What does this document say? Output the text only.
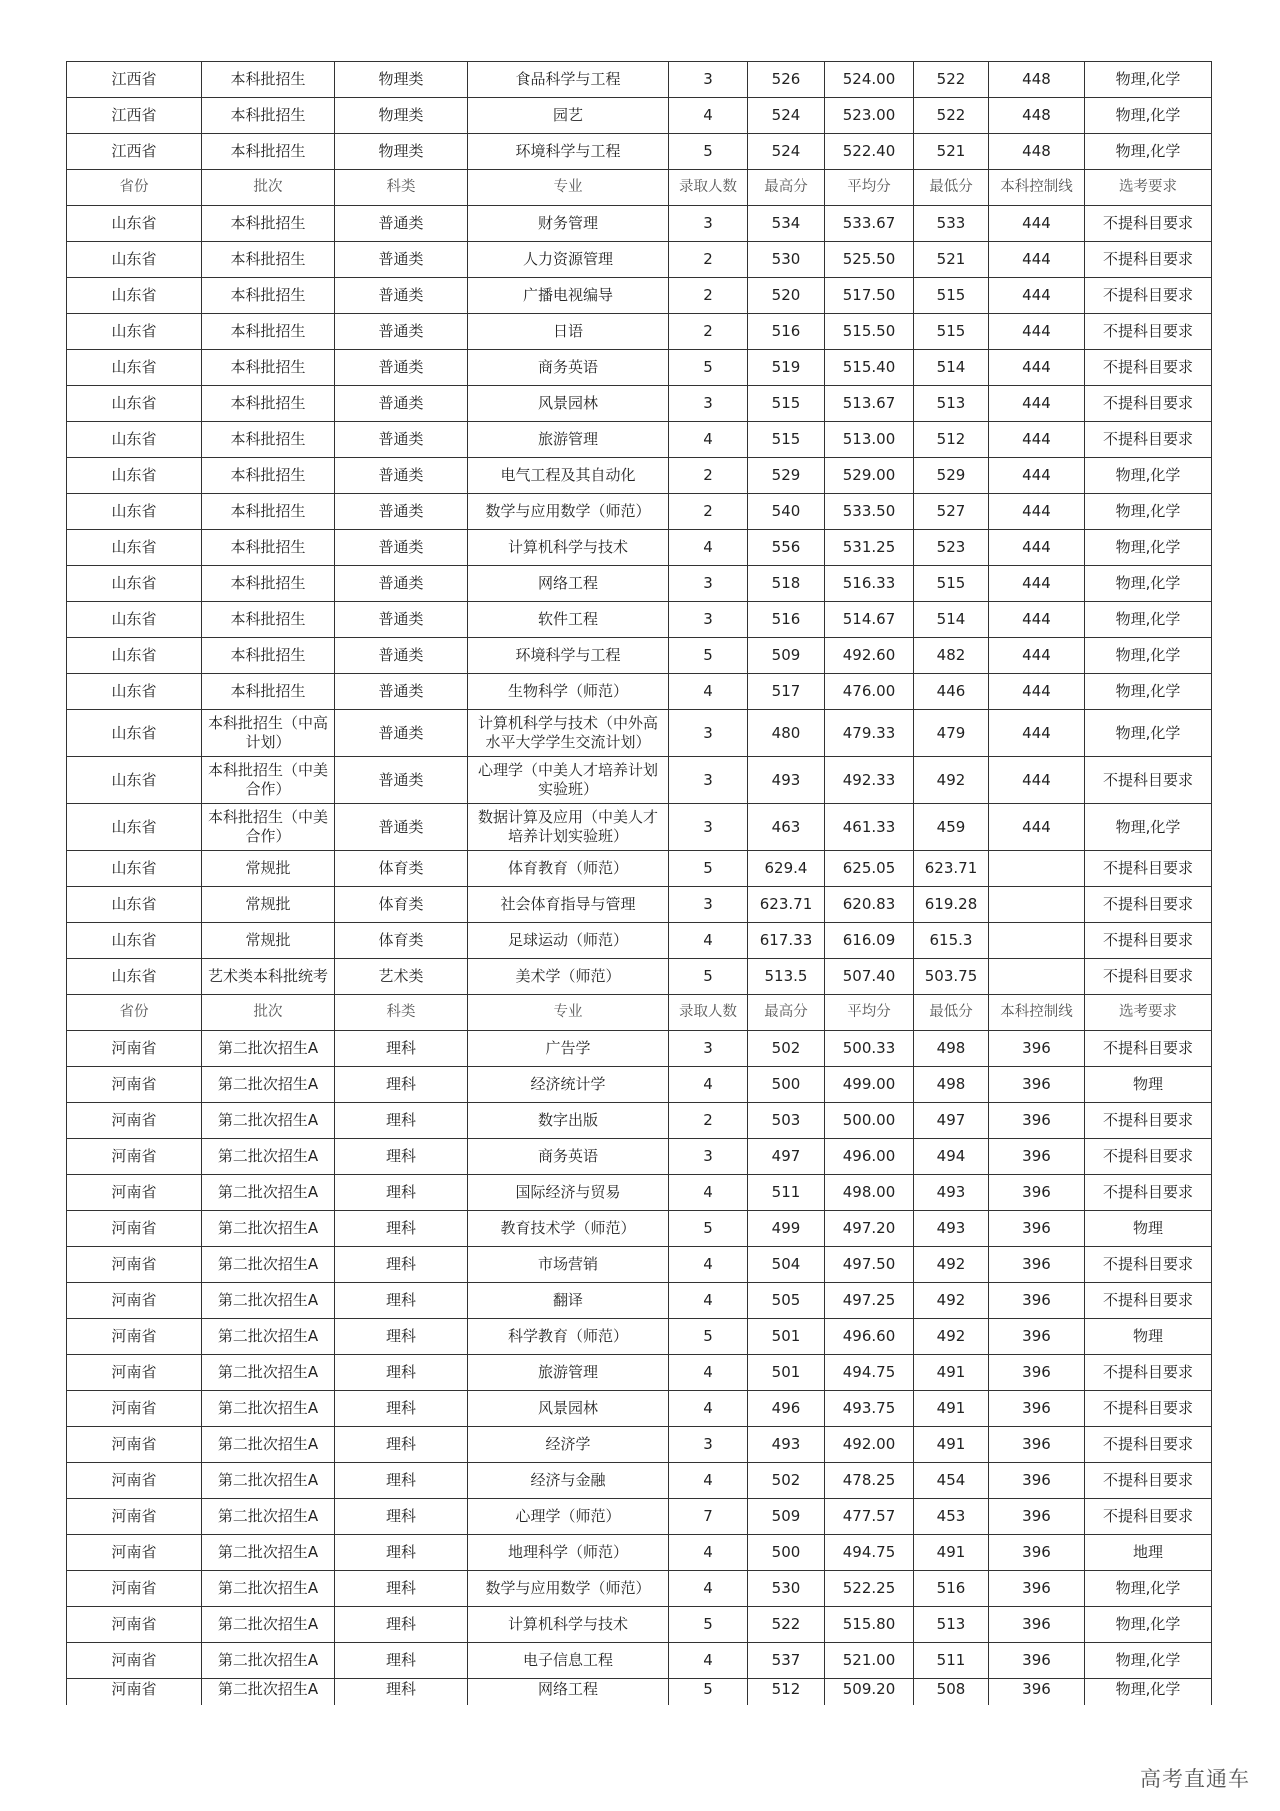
江西省	本科批招生	物理类	食品科学与工程	3	526	524.00	522	448	物理,化学
江西省	本科批招生	物理类	园艺	4	524	523.00	522	448	物理,化学
江西省	本科批招生	物理类	环境科学与工程	5	524	522.40	521	448	物理,化学
省份	批次	科类	专业	录取人数	最高分	平均分	最低分	本科控制线	选考要求
山东省	本科批招生	普通类	财务管理	3	534	533.67	533	444	不提科目要求
山东省	本科批招生	普通类	人力资源管理	2	530	525.50	521	444	不提科目要求
山东省	本科批招生	普通类	广播电视编导	2	520	517.50	515	444	不提科目要求
山东省	本科批招生	普通类	日语	2	516	515.50	515	444	不提科目要求
山东省	本科批招生	普通类	商务英语	5	519	515.40	514	444	不提科目要求
山东省	本科批招生	普通类	风景园林	3	515	513.67	513	444	不提科目要求
山东省	本科批招生	普通类	旅游管理	4	515	513.00	512	444	不提科目要求
山东省	本科批招生	普通类	电气工程及其自动化	2	529	529.00	529	444	物理,化学
山东省	本科批招生	普通类	数学与应用数学（师范）	2	540	533.50	527	444	物理,化学
山东省	本科批招生	普通类	计算机科学与技术	4	556	531.25	523	444	物理,化学
山东省	本科批招生	普通类	网络工程	3	518	516.33	515	444	物理,化学
山东省	本科批招生	普通类	软件工程	3	516	514.67	514	444	物理,化学
山东省	本科批招生	普通类	环境科学与工程	5	509	492.60	482	444	物理,化学
山东省	本科批招生	普通类	生物科学（师范）	4	517	476.00	446	444	物理,化学
山东省	本科批招生（中高计划）	普通类	计算机科学与技术（中外高水平大学学生交流计划）	3	480	479.33	479	444	物理,化学
山东省	本科批招生（中美合作）	普通类	心理学（中美人才培养计划实验班）	3	493	492.33	492	444	不提科目要求
山东省	本科批招生（中美合作）	普通类	数据计算及应用（中美人才培养计划实验班）	3	463	461.33	459	444	物理,化学
山东省	常规批	体育类	体育教育（师范）	5	629.4	625.05	623.71		不提科目要求
山东省	常规批	体育类	社会体育指导与管理	3	623.71	620.83	619.28		不提科目要求
山东省	常规批	体育类	足球运动（师范）	4	617.33	616.09	615.3		不提科目要求
山东省	艺术类本科批统考	艺术类	美术学（师范）	5	513.5	507.40	503.75		不提科目要求
省份	批次	科类	专业	录取人数	最高分	平均分	最低分	本科控制线	选考要求
河南省	第二批次招生A	理科	广告学	3	502	500.33	498	396	不提科目要求
河南省	第二批次招生A	理科	经济统计学	4	500	499.00	498	396	物理
河南省	第二批次招生A	理科	数字出版	2	503	500.00	497	396	不提科目要求
河南省	第二批次招生A	理科	商务英语	3	497	496.00	494	396	不提科目要求
河南省	第二批次招生A	理科	国际经济与贸易	4	511	498.00	493	396	不提科目要求
河南省	第二批次招生A	理科	教育技术学（师范）	5	499	497.20	493	396	物理
河南省	第二批次招生A	理科	市场营销	4	504	497.50	492	396	不提科目要求
河南省	第二批次招生A	理科	翻译	4	505	497.25	492	396	不提科目要求
河南省	第二批次招生A	理科	科学教育（师范）	5	501	496.60	492	396	物理
河南省	第二批次招生A	理科	旅游管理	4	501	494.75	491	396	不提科目要求
河南省	第二批次招生A	理科	风景园林	4	496	493.75	491	396	不提科目要求
河南省	第二批次招生A	理科	经济学	3	493	492.00	491	396	不提科目要求
河南省	第二批次招生A	理科	经济与金融	4	502	478.25	454	396	不提科目要求
河南省	第二批次招生A	理科	心理学（师范）	7	509	477.57	453	396	不提科目要求
河南省	第二批次招生A	理科	地理科学（师范）	4	500	494.75	491	396	地理
河南省	第二批次招生A	理科	数学与应用数学（师范）	4	530	522.25	516	396	物理,化学
河南省	第二批次招生A	理科	计算机科学与技术	5	522	515.80	513	396	物理,化学
河南省	第二批次招生A	理科	电子信息工程	4	537	521.00	511	396	物理,化学
河南省	第二批次招生A	理科	网络工程	5	512	509.20	508	396	物理,化学
高考直通车
